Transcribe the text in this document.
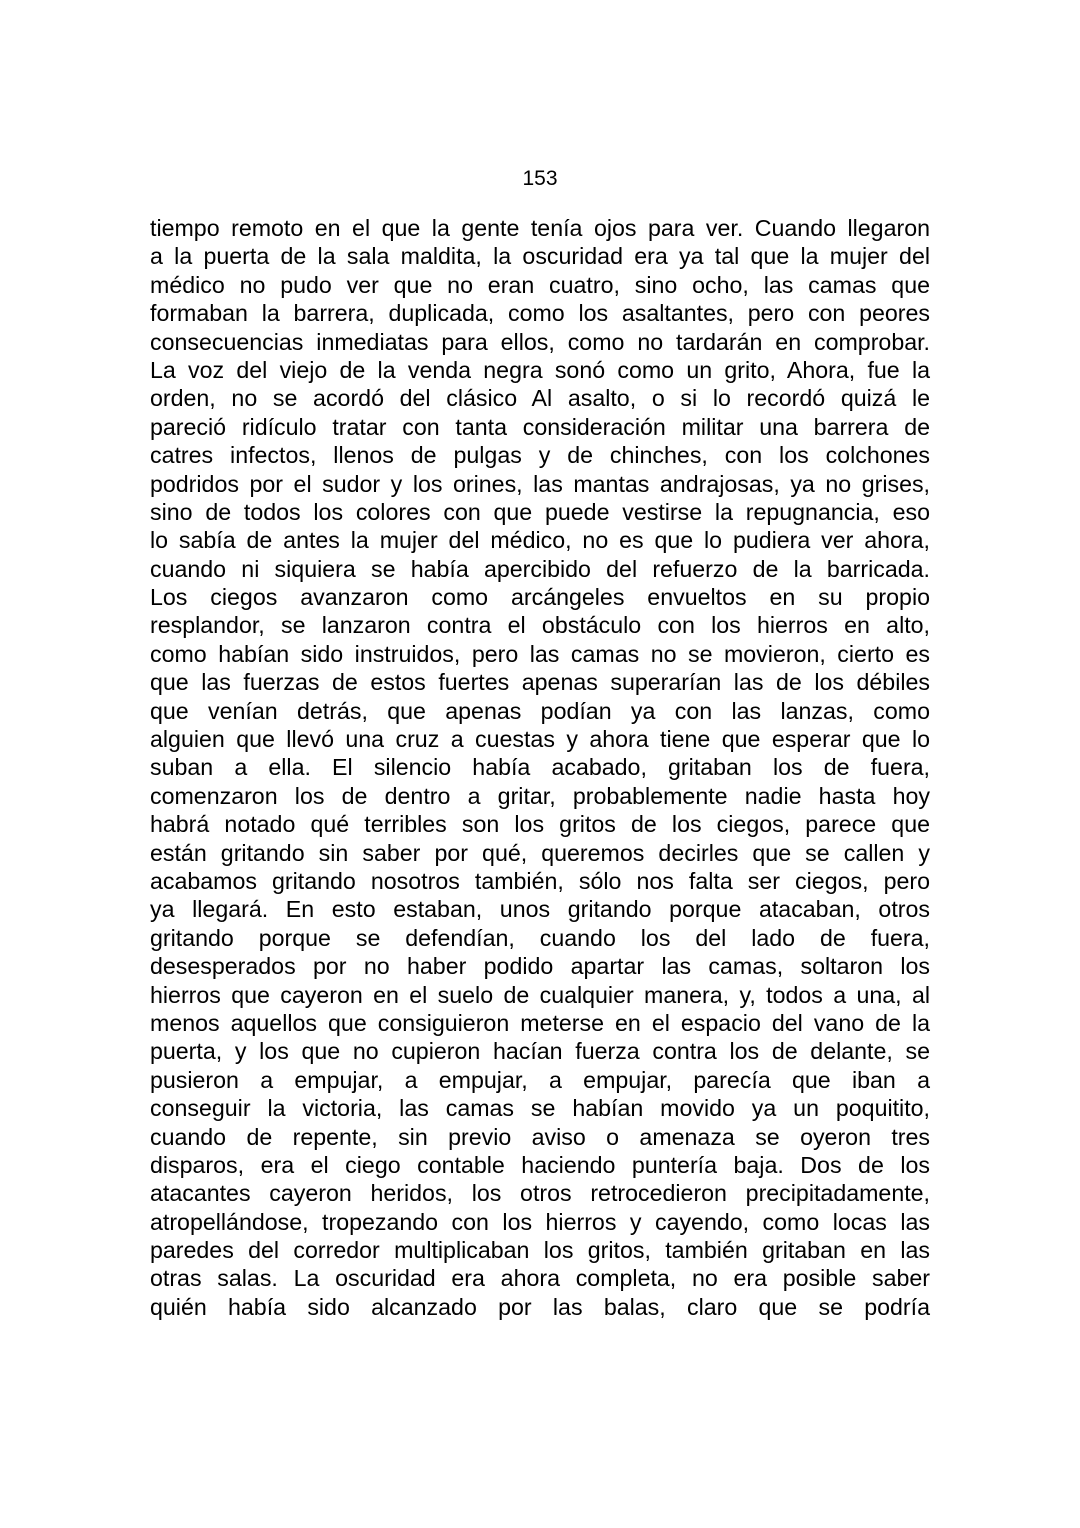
153
tiempo remoto en el que la gente tenía ojos para ver. Cuando llegaron
a la puerta de la sala maldita, la oscuridad era ya tal que la mujer del
médico no pudo ver que no eran cuatro, sino ocho, las camas que
formaban la barrera, duplicada, como los asaltantes, pero con peores
consecuencias inmediatas para ellos, como no tardarán en comprobar.
La voz del viejo de la venda negra sonó como un grito, Ahora, fue la
orden, no se acordó del clásico Al asalto, o si lo recordó quizá le
pareció ridículo tratar con tanta consideración militar una barrera de
catres infectos, llenos de pulgas y de chinches, con los colchones
podridos por el sudor y los orines, las mantas andrajosas, ya no grises,
sino de todos los colores con que puede vestirse la repugnancia, eso
lo sabía de antes la mujer del médico, no es que lo pudiera ver ahora,
cuando ni siquiera se había apercibido del refuerzo de la barricada.
Los ciegos avanzaron como arcángeles envueltos en su propio
resplandor, se lanzaron contra el obstáculo con los hierros en alto,
como habían sido instruidos, pero las camas no se movieron, cierto es
que las fuerzas de estos fuertes apenas superarían las de los débiles
que venían detrás, que apenas podían ya con las lanzas, como
alguien que llevó una cruz a cuestas y ahora tiene que esperar que lo
suban a ella. El silencio había acabado, gritaban los de fuera,
comenzaron los de dentro a gritar, probablemente nadie hasta hoy
habrá notado qué terribles son los gritos de los ciegos, parece que
están gritando sin saber por qué, queremos decirles que se callen y
acabamos gritando nosotros también, sólo nos falta ser ciegos, pero
ya llegará. En esto estaban, unos gritando porque atacaban, otros
gritando porque se defendían, cuando los del lado de fuera,
desesperados por no haber podido apartar las camas, soltaron los
hierros que cayeron en el suelo de cualquier manera, y, todos a una, al
menos aquellos que consiguieron meterse en el espacio del vano de la
puerta, y los que no cupieron hacían fuerza contra los de delante, se
pusieron a empujar, a empujar, a empujar, parecía que iban a
conseguir la victoria, las camas se habían movido ya un poquitito,
cuando de repente, sin previo aviso o amenaza se oyeron tres
disparos, era el ciego contable haciendo puntería baja. Dos de los
atacantes cayeron heridos, los otros retrocedieron precipitadamente,
atropellándose, tropezando con los hierros y cayendo, como locas las
paredes del corredor multiplicaban los gritos, también gritaban en las
otras salas. La oscuridad era ahora completa, no era posible saber
quién había sido alcanzado por las balas, claro que se podría
